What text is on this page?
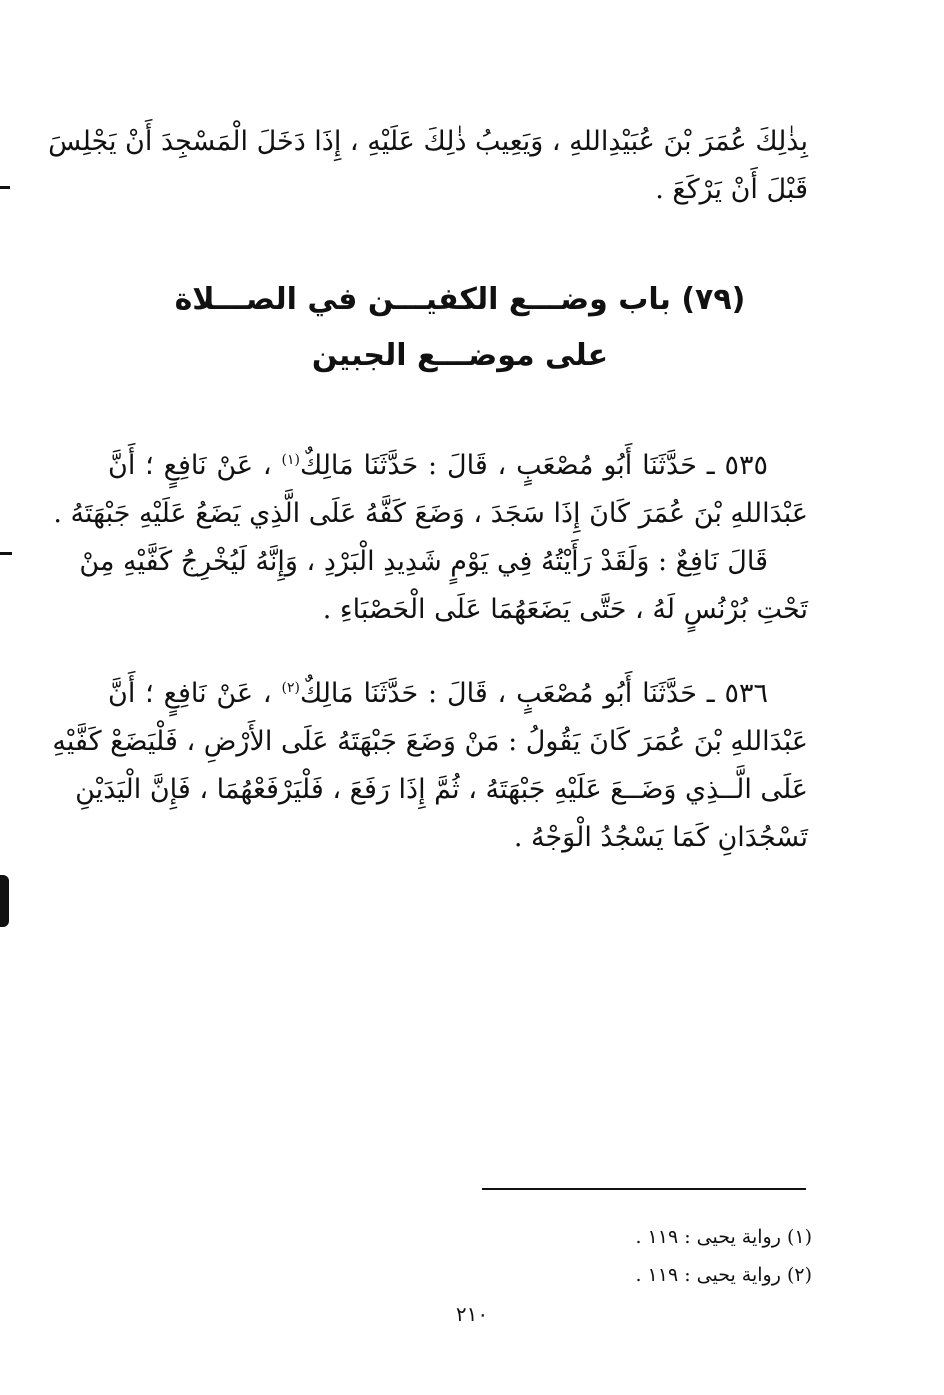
بِذٰلِكَ عُمَرَ بْنَ عُبَيْدِاللهِ ، وَيَعِيبُ ذٰلِكَ عَلَيْهِ ، إِذَا دَخَلَ الْمَسْجِدَ أَنْ يَجْلِسَ
قَبْلَ أَنْ يَرْكَعَ .
(٧٩) باب وضـــع الكفيـــن في الصـــلاة
على موضـــع الجبين
٥٣٥ ـ حَدَّثَنَا أَبُو مُصْعَبٍ ، قَالَ : حَدَّثَنَا مَالِكٌ$^{(١)}$ ، عَنْ نَافِعٍ ؛ أَنَّ
عَبْدَاللهِ بْنَ عُمَرَ كَانَ إِذَا سَجَدَ ، وَضَعَ كَفَّهُ عَلَى الَّذِي يَضَعُ عَلَيْهِ جَبْهَتَهُ .
قَالَ نَافِعٌ : وَلَقَدْ رَأَيْتُهُ فِي يَوْمٍ شَدِيدِ الْبَرْدِ ، وَإِنَّهُ لَيُخْرِجُ كَفَّيْهِ مِنْ
تَحْتِ بُرْنُسٍ لَهُ ، حَتَّى يَضَعَهُمَا عَلَى الْحَصْبَاءِ .
٥٣٦ ـ حَدَّثَنَا أَبُو مُصْعَبٍ ، قَالَ : حَدَّثَنَا مَالِكٌ$^{(٢)}$ ، عَنْ نَافِعٍ ؛ أَنَّ
عَبْدَاللهِ بْنَ عُمَرَ كَانَ يَقُولُ : مَنْ وَضَعَ جَبْهَتَهُ عَلَى الأَرْضِ ، فَلْيَضَعْ كَفَّيْهِ
عَلَى الَّــذِي وَضَــعَ عَلَيْهِ جَبْهَتَهُ ، ثُمَّ إِذَا رَفَعَ ، فَلْيَرْفَعْهُمَا ، فَإِنَّ الْيَدَيْنِ
تَسْجُدَانِ كَمَا يَسْجُدُ الْوَجْهُ .
(١) رواية يحيى : ١١٩ .
(٢) رواية يحيى : ١١٩ .
٢١٠
